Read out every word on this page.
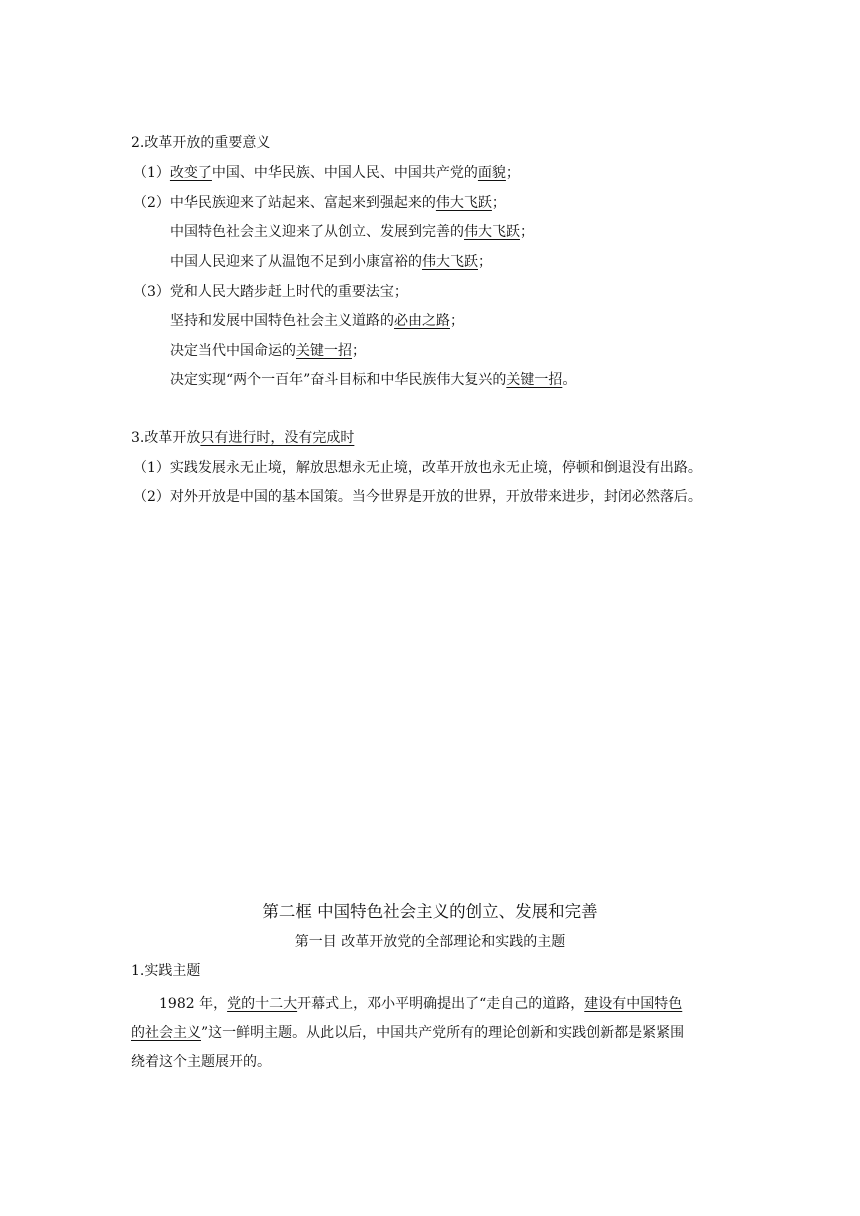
2.改革开放的重要意义
（1）改变了中国、中华民族、中国人民、中国共产党的面貌；
（2）中华民族迎来了站起来、富起来到强起来的伟大飞跃；
中国特色社会主义迎来了从创立、发展到完善的伟大飞跃；
中国人民迎来了从温饱不足到小康富裕的伟大飞跃；
（3）党和人民大踏步赶上时代的重要法宝；
坚持和发展中国特色社会主义道路的必由之路；
决定当代中国命运的关键一招；
决定实现“两个一百年”奋斗目标和中华民族伟大复兴的关键一招。
3.改革开放只有进行时，没有完成时
（1）实践发展永无止境，解放思想永无止境，改革开放也永无止境，停顿和倒退没有出路。
（2）对外开放是中国的基本国策。当今世界是开放的世界，开放带来进步，封闭必然落后。
第二框 中国特色社会主义的创立、发展和完善
第一目 改革开放党的全部理论和实践的主题
1.实践主题
1982 年，党的十二大开幕式上，邓小平明确提出了“走自己的道路，建设有中国特色
的社会主义”这一鲜明主题。从此以后，中国共产党所有的理论创新和实践创新都是紧紧围
绕着这个主题展开的。
